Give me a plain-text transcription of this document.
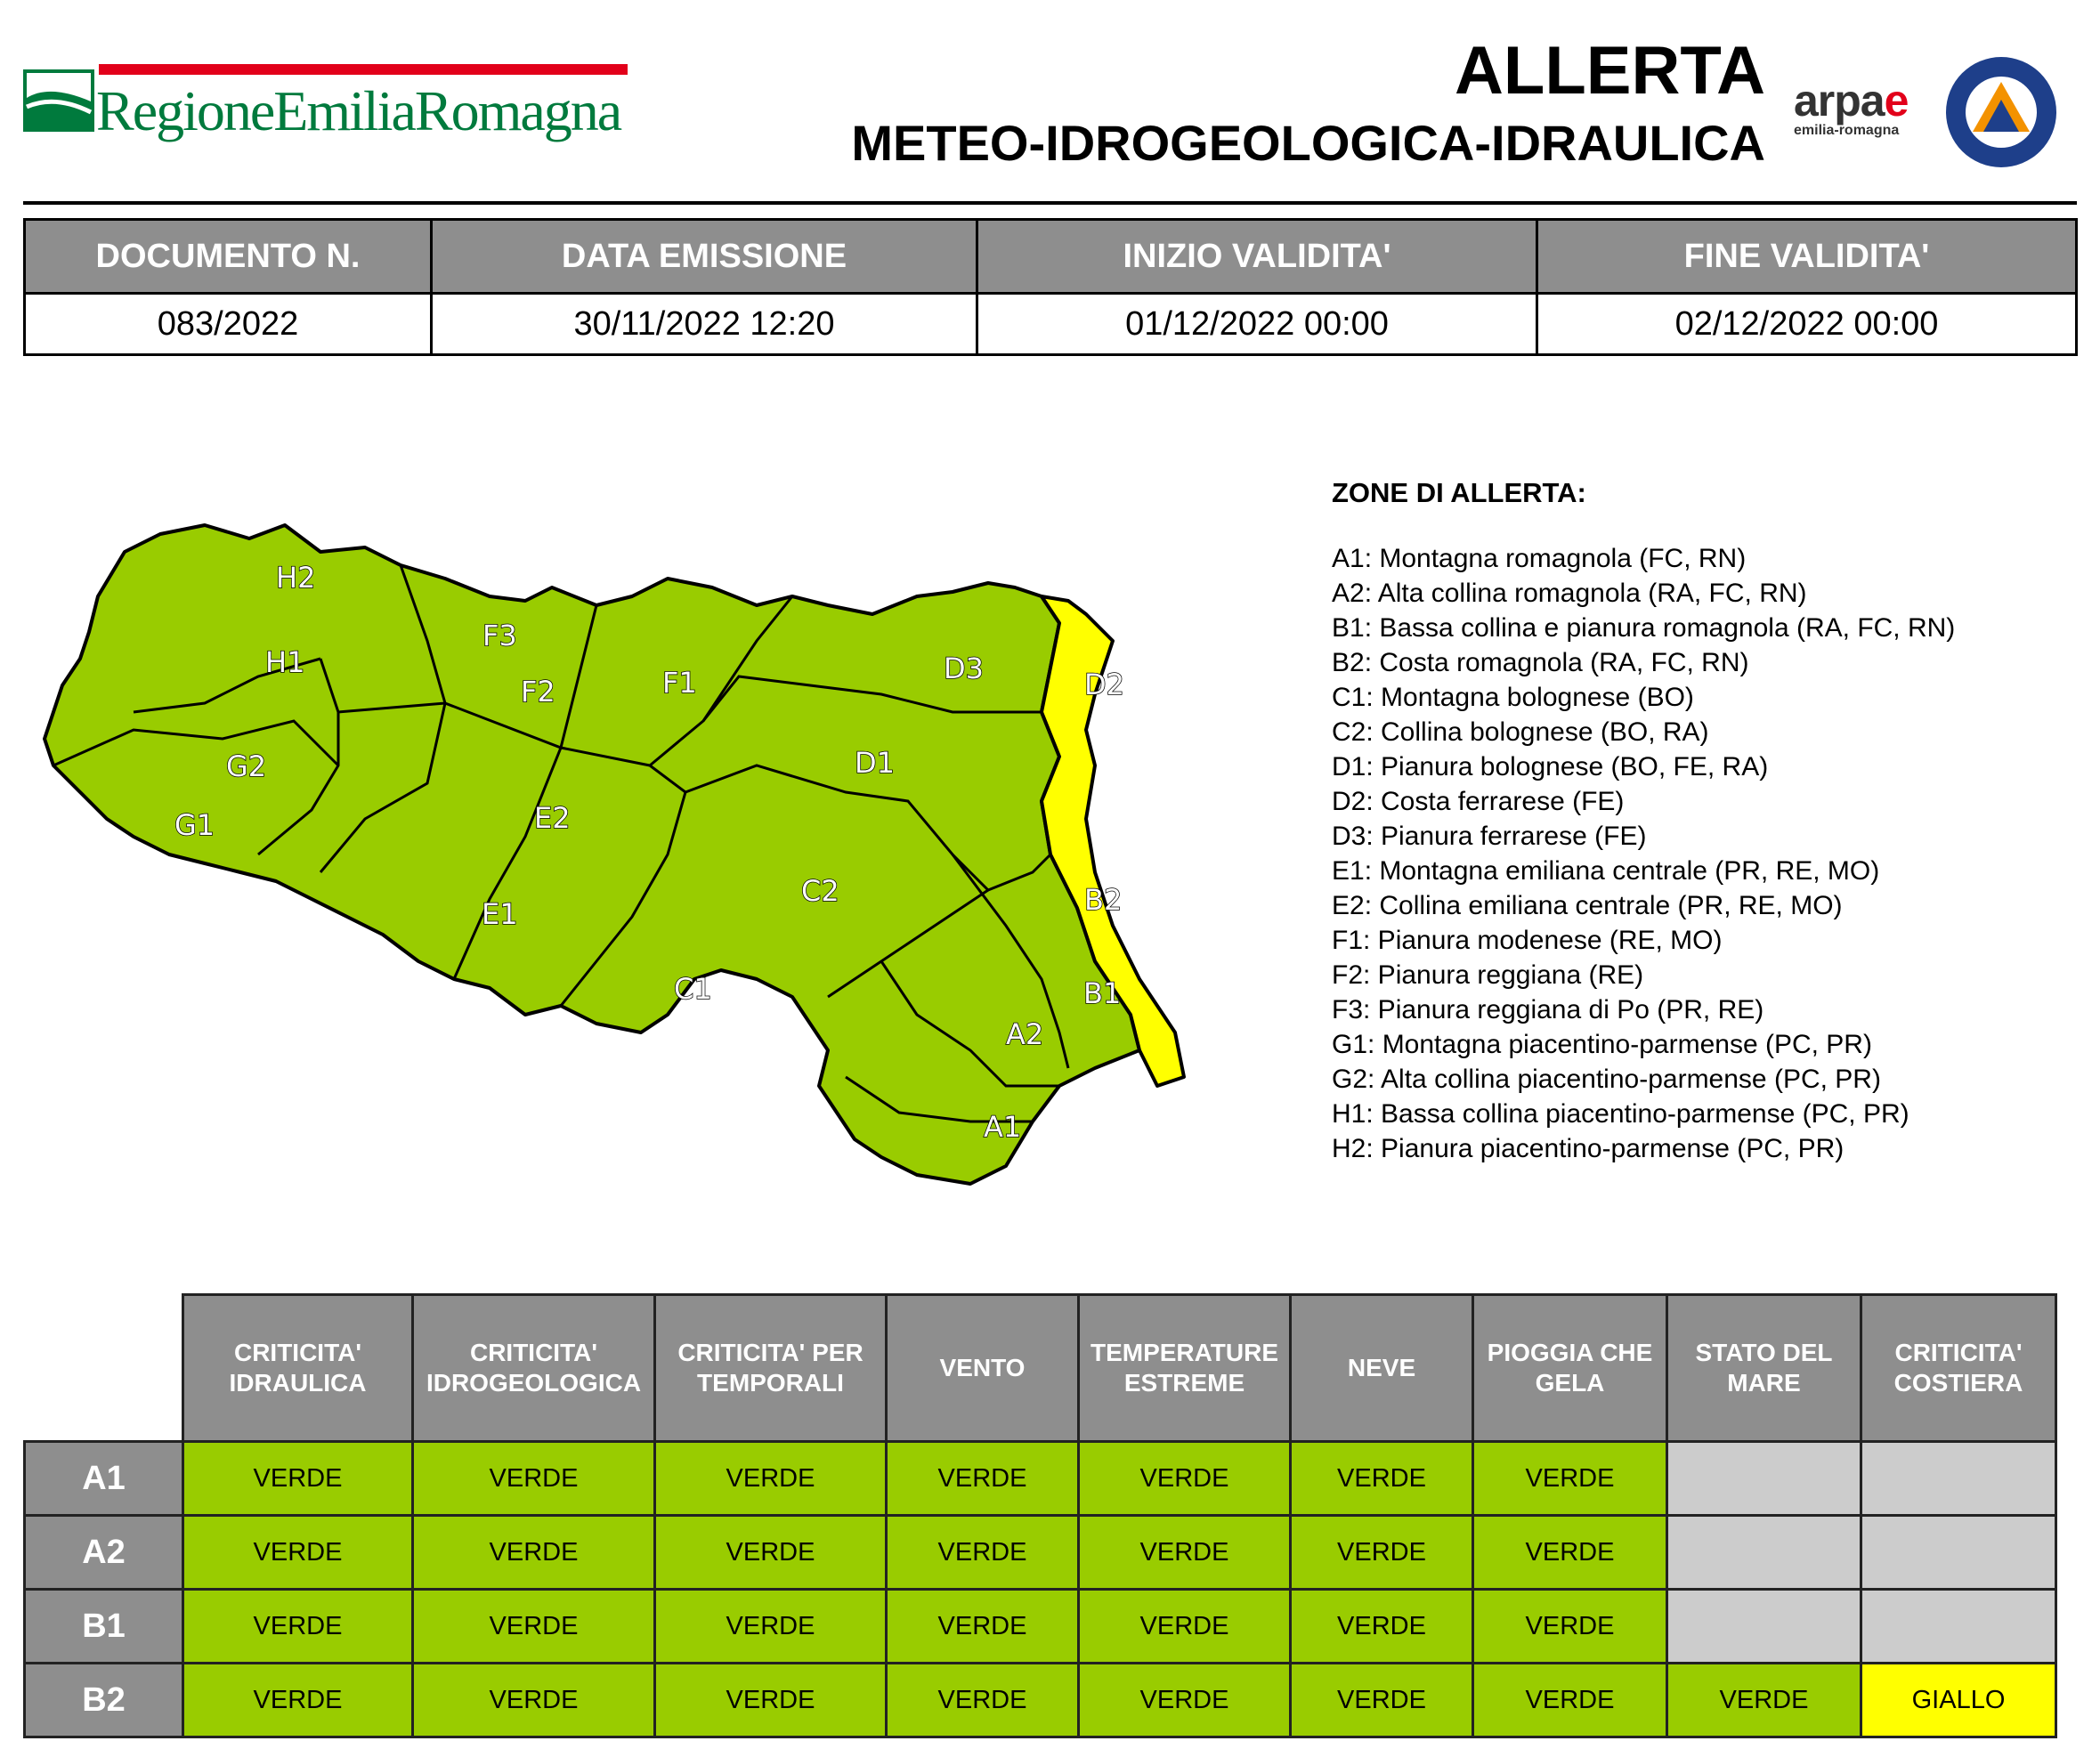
RegioneEmiliaRomagna
ALLERTA
METEO-IDROGEOLOGICA-IDRAULICA
arpae
emilia-romagna
DOCUMENTO N.	DATA EMISSIONE	INIZIO VALIDITA'	FINE VALIDITA'
083/2022	30/11/2022 12:20	01/12/2022 00:00	02/12/2022 00:00
H2
H1
G2
G1
F3
F2	F1
E2
E1
D3	D2
D1
C2
C1
B2
B1
A2
A1
ZONE DI ALLERTA:
A1: Montagna romagnola (FC, RN)
A2: Alta collina romagnola (RA, FC, RN)
B1: Bassa collina e pianura romagnola (RA, FC, RN)
B2: Costa romagnola (RA, FC, RN)
C1: Montagna bolognese (BO)
C2: Collina bolognese (BO, RA)
D1: Pianura bolognese (BO, FE, RA)
D2: Costa ferrarese (FE)
D3: Pianura ferrarese (FE)
E1: Montagna emiliana centrale (PR, RE, MO)
E2: Collina emiliana centrale (PR, RE, MO)
F1: Pianura modenese (RE, MO)
F2: Pianura reggiana (RE)
F3: Pianura reggiana di Po (PR, RE)
G1: Montagna piacentino-parmense (PC, PR)
G2: Alta collina piacentino-parmense (PC, PR)
H1: Bassa collina piacentino-parmense (PC, PR)
H2: Pianura piacentino-parmense (PC, PR)
	CRITICITA' IDRAULICA	CRITICITA' IDROGEOLOGICA	CRITICITA' PER TEMPORALI	VENTO	TEMPERATURE ESTREME	NEVE	PIOGGIA CHE GELA	STATO DEL MARE	CRITICITA' COSTIERA
A1	VERDE	VERDE	VERDE	VERDE	VERDE	VERDE	VERDE		
A2	VERDE	VERDE	VERDE	VERDE	VERDE	VERDE	VERDE		
B1	VERDE	VERDE	VERDE	VERDE	VERDE	VERDE	VERDE		
B2	VERDE	VERDE	VERDE	VERDE	VERDE	VERDE	VERDE	VERDE	GIALLO
